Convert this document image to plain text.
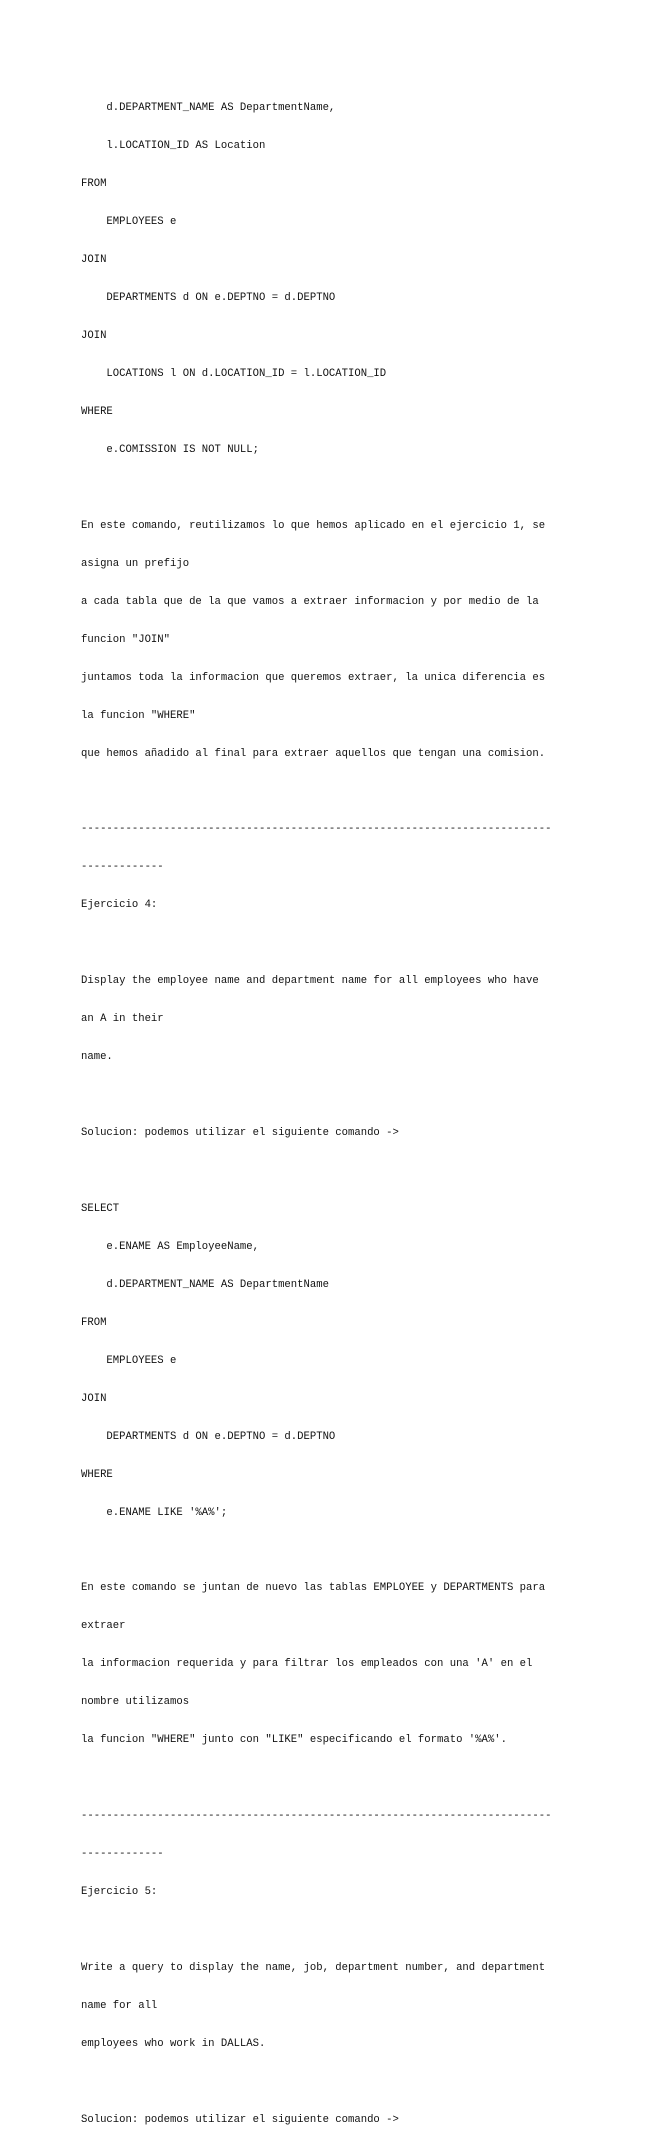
d.DEPARTMENT_NAME AS DepartmentName,

l.LOCATION_ID AS Location

FROM

EMPLOYEES e

JOIN

DEPARTMENTS d ON e.DEPTNO = d.DEPTNO

JOIN

LOCATIONS l ON d.LOCATION_ID = l.LOCATION_ID

WHERE

e.COMISSION IS NOT NULL;

En este comando, reutilizamos lo que hemos aplicado en el ejercicio 1, se

asigna un prefijo

a cada tabla que de la que vamos a extraer informacion y por medio de la

funcion "JOIN"

juntamos toda la informacion que queremos extraer, la unica diferencia es

la funcion "WHERE"

que hemos añadido al final para extraer aquellos que tengan una comision.

--------------------------------------------------------------------------

-------------

Ejercicio 4:

Display the employee name and department name for all employees who have

an A in their

name.

Solucion: podemos utilizar el siguiente comando ->

SELECT

e.ENAME AS EmployeeName,

d.DEPARTMENT_NAME AS DepartmentName

FROM

EMPLOYEES e

JOIN

DEPARTMENTS d ON e.DEPTNO = d.DEPTNO

WHERE

e.ENAME LIKE '%A%';

En este comando se juntan de nuevo las tablas EMPLOYEE y DEPARTMENTS para

extraer

la informacion requerida y para filtrar los empleados con una 'A' en el

nombre utilizamos

la funcion "WHERE" junto con "LIKE" especificando el formato '%A%'.

--------------------------------------------------------------------------

-------------

Ejercicio 5:

Write a query to display the name, job, department number, and department

name for all

employees who work in DALLAS.

Solucion: podemos utilizar el siguiente comando ->
